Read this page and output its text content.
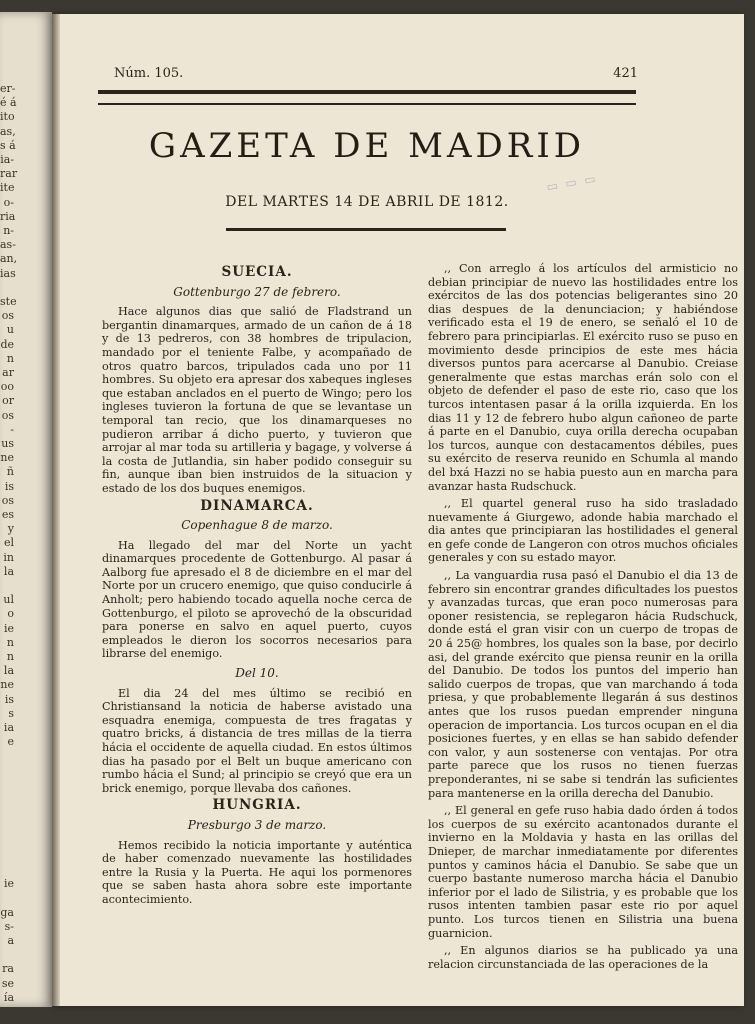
er-
é á
ito
as,
s á
ia-
rar
ite
o-
ria
n-
as-
an,
ias
ste
os
u
de
n
ar
oo
or
os
-
us
ne
ñ
is
os
es
y
el
in
la
ul
o
ie
n
n
la
ne
is
s
ia
e
ie
ga
s-
a
ra
se
ía
Núm. 105.	421
GAZETA DE MADRID
DEL MARTES 14 DE ABRIL DE 1812.
▭ ▭ ▭
SUECIA.
Gottenburgo 27 de febrero.

Hace algunos dias que salió de Fladstrand un bergantin dinamarques, armado de un cañon de á 18 y de 13 pedreros, con 38 hombres de tripulacion, mandado por el teniente Falbe, y acompañado de otros quatro barcos, tripulados cada uno por 11 hombres. Su objeto era apresar dos xabeques ingleses que estaban anclados en el puerto de Wingo; pero los ingleses tuvieron la fortuna de que se levantase un temporal tan recio, que los dinamarqueses no pudieron arribar á dicho puerto, y tuvieron que arrojar al mar toda su artilleria y bagage, y volverse á la costa de Jutlandia, sin haber podido conseguir su fin, aunque iban bien instruidos de la situacion y estado de los dos buques enemigos.

DINAMARCA.
Copenhague 8 de marzo.

Ha llegado del mar del Norte un yacht dinamarques procedente de Gottenburgo. Al pasar á Aalborg fue apresado el 8 de diciembre en el mar del Norte por un crucero enemigo, que quiso conducirle á Anholt; pero habiendo tocado aquella noche cerca de Gottenburgo, el piloto se aprovechó de la obscuridad para ponerse en salvo en aquel puerto, cuyos empleados le dieron los socorros necesarios para librarse del enemigo.

Del 10.

El dia 24 del mes último se recibió en Christiansand la noticia de haberse avistado una esquadra enemiga, compuesta de tres fragatas y quatro bricks, á distancia de tres millas de la tierra hácia el occidente de aquella ciudad. En estos últimos dias ha pasado por el Belt un buque americano con rumbo hácia el Sund; al principio se creyó que era un brick enemigo, porque llevaba dos cañones.

HUNGRIA.
Presburgo 3 de marzo.

Hemos recibido la noticia importante y auténtica de haber comenzado nuevamente las hostilidades entre la Rusia y la Puerta. He aqui los pormenores que se saben hasta ahora sobre este importante acontecimiento.

,, Con arreglo á los artículos del armisticio no debian principiar de nuevo las hostilidades entre los exércitos de las dos potencias beligerantes sino 20 dias despues de la denunciacion; y habiéndose verificado esta el 19 de enero, se señaló el 10 de febrero para principiarlas. El exército ruso se puso en movimiento desde principios de este mes hácia diversos puntos para acercarse al Danubio. Creiase generalmente que estas marchas erán solo con el objeto de defender el paso de este rio, caso que los turcos intentasen pasar á la orilla izquierda. En los dias 11 y 12 de febrero hubo algun cañoneo de parte á parte en el Danubio, cuya orilla derecha ocupaban los turcos, aunque con destacamentos débiles, pues su exército de reserva reunido en Schumla al mando del bxá Hazzi no se habia puesto aun en marcha para avanzar hasta Rudschuck.

,, El quartel general ruso ha sido trasladado nuevamente á Giurgewo, adonde habia marchado el dia antes que principiaran las hostilidades el general en gefe conde de Langeron con otros muchos oficiales generales y con su estado mayor.

,, La vanguardia rusa pasó el Danubio el dia 13 de febrero sin encontrar grandes dificultades los puestos y avanzadas turcas, que eran poco numerosas para oponer resistencia, se replegaron hácia Rudschuck, donde está el gran visir con un cuerpo de tropas de 20 á 25@ hombres, los quales son la base, por decirlo asi, del grande exército que piensa reunir en la orilla del Danubio. De todos los puntos del imperio han salido cuerpos de tropas, que van marchando á toda priesa, y que probablemente llegarán á sus destinos antes que los rusos puedan emprender ninguna operacion de importancia. Los turcos ocupan en el dia posiciones fuertes, y en ellas se han sabido defender con valor, y aun sostenerse con ventajas. Por otra parte parece que los rusos no tienen fuerzas preponderantes, ni se sabe si tendrán las suficientes para mantenerse en la orilla derecha del Danubio.

,, El general en gefe ruso habia dado órden á todos los cuerpos de su exército acantonados durante el invierno en la Moldavia y hasta en las orillas del Dnieper, de marchar inmediatamente por diferentes puntos y caminos hácia el Danubio. Se sabe que un cuerpo bastante numeroso marcha hácia el Danubio inferior por el lado de Silistria, y es probable que los rusos intenten tambien pasar este rio por aquel punto. Los turcos tienen en Silistria una buena guarnicion.

,, En algunos diarios se ha publicado ya una relacion circunstanciada de las operaciones de la
